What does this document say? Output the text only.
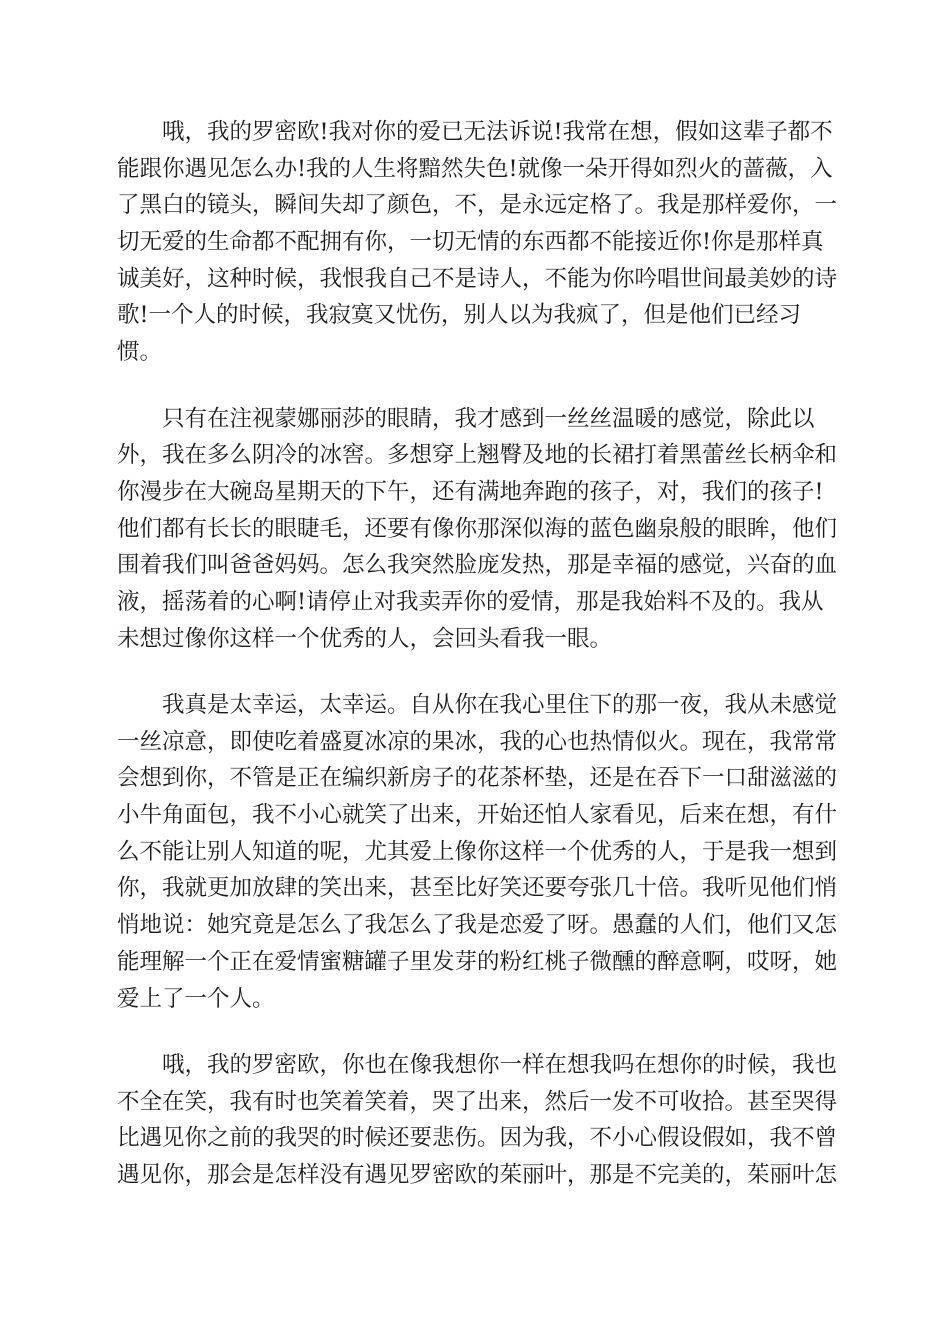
　　哦，我的罗密欧!我对你的爱已无法诉说!我常在想，假如这辈子都不
能跟你遇见怎么办!我的人生将黯然失色!就像一朵开得如烈火的蔷薇，入
了黑白的镜头，瞬间失却了颜色，不，是永远定格了。我是那样爱你，一
切无爱的生命都不配拥有你，一切无情的东西都不能接近你!你是那样真
诚美好，这种时候，我恨我自己不是诗人，不能为你吟唱世间最美妙的诗
歌!一个人的时候，我寂寞又忧伤，别人以为我疯了，但是他们已经习
惯。

　　只有在注视蒙娜丽莎的眼睛，我才感到一丝丝温暖的感觉，除此以
外，我在多么阴冷的冰窖。多想穿上翘臀及地的长裙打着黑蕾丝长柄伞和
你漫步在大碗岛星期天的下午，还有满地奔跑的孩子，对，我们的孩子!
他们都有长长的眼睫毛，还要有像你那深似海的蓝色幽泉般的眼眸，他们
围着我们叫爸爸妈妈。怎么我突然脸庞发热，那是幸福的感觉，兴奋的血
液，摇荡着的心啊!请停止对我卖弄你的爱情，那是我始料不及的。我从
未想过像你这样一个优秀的人，会回头看我一眼。

　　我真是太幸运，太幸运。自从你在我心里住下的那一夜，我从未感觉
一丝凉意，即使吃着盛夏冰凉的果冰，我的心也热情似火。现在，我常常
会想到你，不管是正在编织新房子的花茶杯垫，还是在吞下一口甜滋滋的
小牛角面包，我不小心就笑了出来，开始还怕人家看见，后来在想，有什
么不能让别人知道的呢，尤其爱上像你这样一个优秀的人，于是我一想到
你，我就更加放肆的笑出来，甚至比好笑还要夸张几十倍。我听见他们悄
悄地说：她究竟是怎么了我怎么了我是恋爱了呀。愚蠢的人们，他们又怎
能理解一个正在爱情蜜糖罐子里发芽的粉红桃子微醺的醉意啊，哎呀，她
爱上了一个人。

　　哦，我的罗密欧，你也在像我想你一样在想我吗在想你的时候，我也
不全在笑，我有时也笑着笑着，哭了出来，然后一发不可收拾。甚至哭得
比遇见你之前的我哭的时候还要悲伤。因为我，不小心假设假如，我不曾
遇见你，那会是怎样没有遇见罗密欧的茱丽叶，那是不完美的，茱丽叶怎
